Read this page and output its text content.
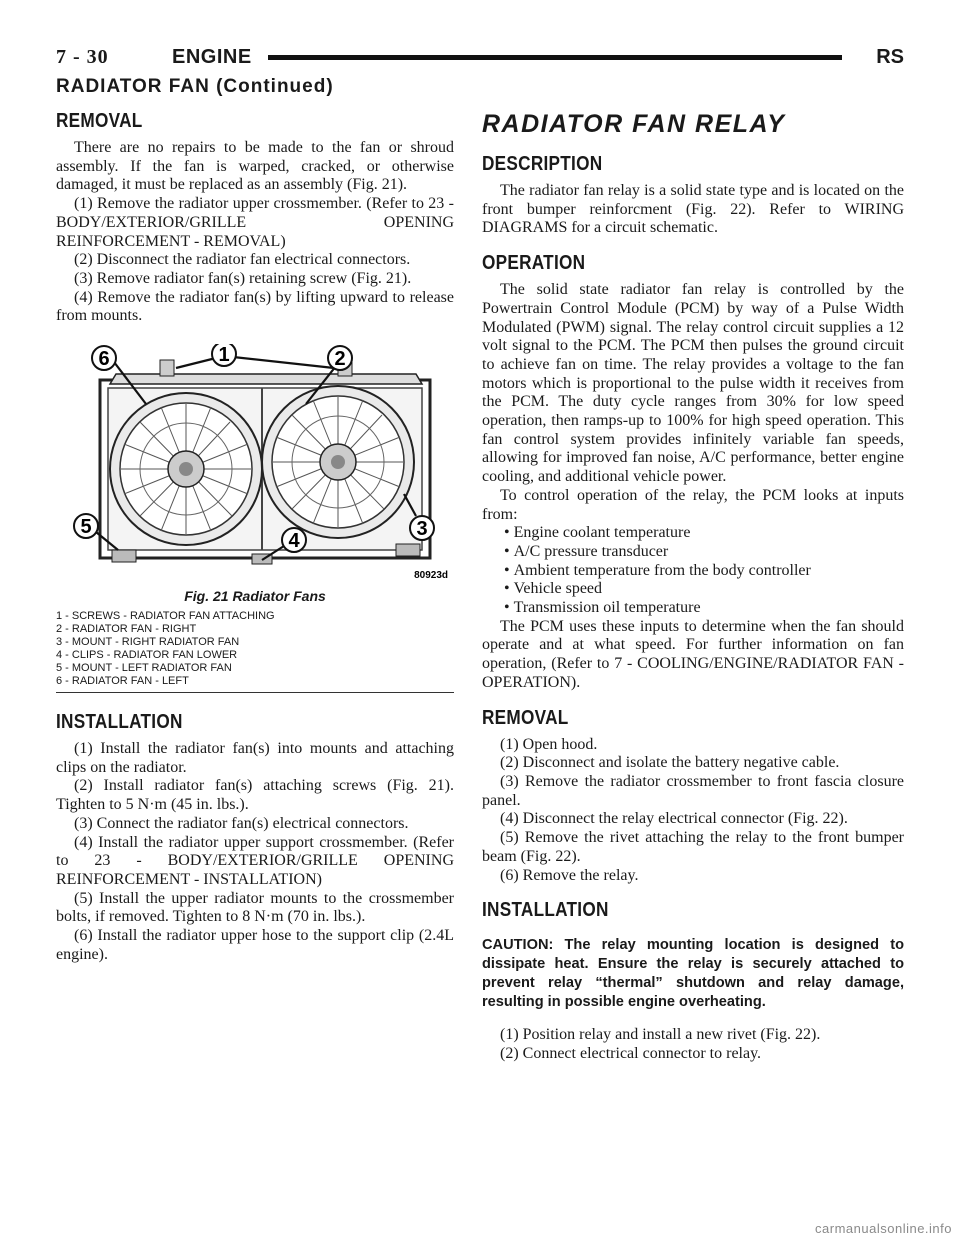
7 - 30	ENGINE	RS
RADIATOR FAN (Continued)
REMOVAL

There are no repairs to be made to the fan or shroud assembly. If the fan is warped, cracked, or otherwise damaged, it must be replaced as an assembly (Fig. 21).

(1) Remove the radiator upper crossmember. (Refer to 23 - BODY/EXTERIOR/GRILLE OPENING REINFORCEMENT - REMOVAL)

(2) Disconnect the radiator fan electrical connectors.

(3) Remove radiator fan(s) retaining screw (Fig. 21).

(4) Remove the radiator fan(s) by lifting upward to release from mounts.

6	1	2
3
4
5
80923d
Fig. 21 Radiator Fans
1 - SCREWS - RADIATOR FAN ATTACHING
2 - RADIATOR FAN - RIGHT
3 - MOUNT - RIGHT RADIATOR FAN
4 - CLIPS - RADIATOR FAN LOWER
5 - MOUNT - LEFT RADIATOR FAN
6 - RADIATOR FAN - LEFT
INSTALLATION

(1) Install the radiator fan(s) into mounts and attaching clips on the radiator.

(2) Install radiator fan(s) attaching screws (Fig. 21). Tighten to 5 N·m (45 in. lbs.).

(3) Connect the radiator fan(s) electrical connectors.

(4) Install the radiator upper support crossmember. (Refer to 23 - BODY/EXTERIOR/GRILLE OPENING REINFORCEMENT - INSTALLATION)

(5) Install the upper radiator mounts to the crossmember bolts, if removed. Tighten to 8 N·m (70 in. lbs.).

(6) Install the radiator upper hose to the support clip (2.4L engine).

RADIATOR FAN RELAY
DESCRIPTION

The radiator fan relay is a solid state type and is located on the front bumper reinforcment (Fig. 22). Refer to WIRING DIAGRAMS for a circuit schematic.

OPERATION

The solid state radiator fan relay is controlled by the Powertrain Control Module (PCM) by way of a Pulse Width Modulated (PWM) signal. The relay control circuit supplies a 12 volt signal to the PCM. The PCM then pulses the ground circuit to achieve fan on time. The relay provides a voltage to the fan motors which is proportional to the pulse width it receives from the PCM. The duty cycle ranges from 30% for low speed operation, then ramps-up to 100% for high speed operation. This fan control system provides infinitely variable fan speeds, allowing for improved fan noise, A/C performance, better engine cooling, and additional vehicle power.

To control operation of the relay, the PCM looks at inputs from:

• Engine coolant temperature
• A/C pressure transducer
• Ambient temperature from the body controller
• Vehicle speed
• Transmission oil temperature

The PCM uses these inputs to determine when the fan should operate and at what speed. For further information on fan operation, (Refer to 7 - COOLING/ENGINE/RADIATOR FAN - OPERATION).

REMOVAL

(1) Open hood.

(2) Disconnect and isolate the battery negative cable.

(3) Remove the radiator crossmember to front fascia closure panel.

(4) Disconnect the relay electrical connector (Fig. 22).

(5) Remove the rivet attaching the relay to the front bumper beam (Fig. 22).

(6) Remove the relay.

INSTALLATION
CAUTION: The relay mounting location is designed to dissipate heat. Ensure the relay is securely attached to prevent relay “thermal” shutdown and relay damage, resulting in possible engine overheating.

(1) Position relay and install a new rivet (Fig. 22).

(2) Connect electrical connector to relay.

carmanualsonline.info
